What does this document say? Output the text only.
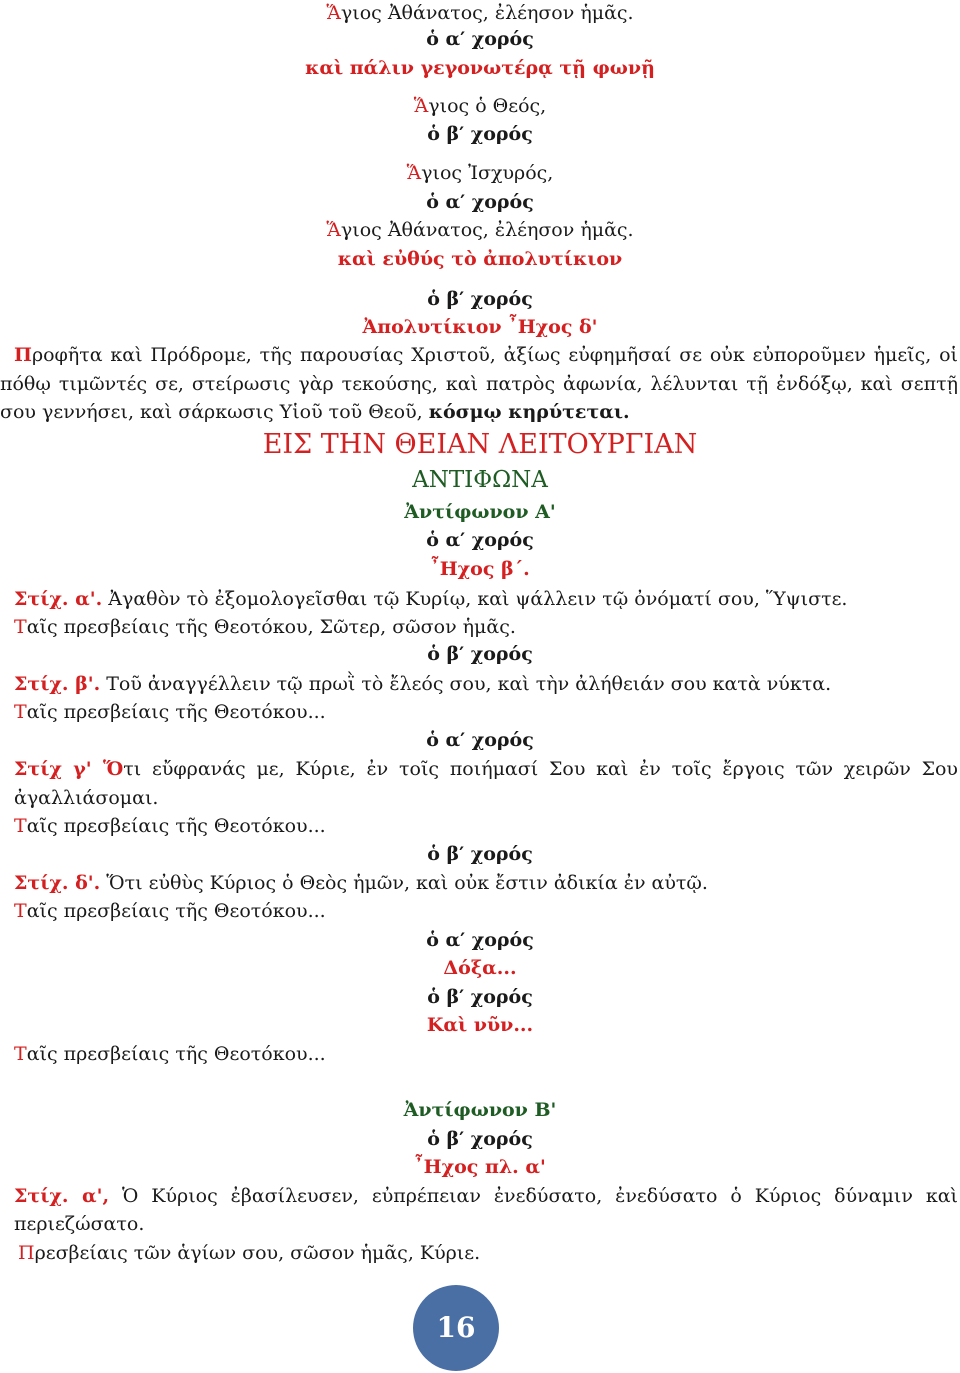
Ἅγιος Ἀθάνατος, ἐλέησον ἡμᾶς.
ὁ α′ χορός
καὶ πάλιν γεγονωτέρᾳ τῇ φωνῇ
Ἅγιος ὁ Θεός,
ὁ β′ χορός
Ἅγιος Ἰσχυρός,
ὁ α′ χορός
Ἅγιος Ἀθάνατος, ἐλέησον ἡμᾶς.
καὶ εὐθύς τὸ ἀπολυτίκιον
ὁ β′ χορός
Ἀπολυτίκιον ῏Ηχος δ'
Προφῆτα καὶ Πρόδρομε, τῆς παρουσίας Χριστοῦ, ἀξίως εὐφημῆσαί σε οὐκ εὐποροῦμεν ἡμεῖς, οἱ
πόθῳ τιμῶντές σε, στείρωσις γὰρ τεκούσης, καὶ πατρὸς ἀφωνία, λέλυνται τῇ ἐνδόξῳ, καὶ σεπτῇ
σου γεννήσει, καὶ σάρκωσις Υἱοῦ τοῦ Θεοῦ, κόσμῳ κηρύτεται.
ΕΙΣ ΤΗΝ ΘΕΙΑΝ ΛΕΙΤΟΥΡΓΙΑΝ
ΑΝΤΙΦΩΝΑ
Ἀντίφωνον Α'
ὁ α′ χορός
῏Ηχος β΄.
Στίχ. α'. Ἀγαθὸν τὸ ἐξομολογεῖσθαι τῷ Κυρίῳ, καὶ ψάλλειν τῷ ὀνόματί σου, Ὕψιστε.
Ταῖς πρεσβείαις τῆς Θεοτόκου, Σῶτερ, σῶσον ἡμᾶς.
ὁ β′ χορός
Στίχ. β'. Τοῦ ἀναγγέλλειν τῷ πρωῒ τὸ ἔλεός σου, καὶ τὴν ἀλήθειάν σου κατὰ νύκτα.
Ταῖς πρεσβείαις τῆς Θεοτόκου...
ὁ α′ χορός
Στίχ γ' Ὅτι εὔφρανάς με, Κύριε, ἐν τοῖς ποιήμασί Σου καὶ ἐν τοῖς ἔργοις τῶν χειρῶν Σου
ἀγαλλιάσομαι.
Ταῖς πρεσβείαις τῆς Θεοτόκου...
ὁ β′ χορός
Στίχ. δ'. Ὅτι εὐθὺς Κύριος ὁ Θεὸς ἡμῶν, καὶ οὐκ ἔστιν ἀδικία ἐν αὐτῷ.
Ταῖς πρεσβείαις τῆς Θεοτόκου...
ὁ α′ χορός
Δόξα...
ὁ β′ χορός
Καὶ νῦν...
Ταῖς πρεσβείαις τῆς Θεοτόκου...
Ἀντίφωνον Β'
ὁ β′ χορός
῏Ηχος πλ. α'
Στίχ. α', Ὁ Κύριος ἐβασίλευσεν, εὐπρέπειαν ἐνεδύσατο, ἐνεδύσατο ὁ Κύριος δύναμιν καὶ
περιεζώσατο.
Πρεσβείαις τῶν ἁγίων σου, σῶσον ἡμᾶς, Κύριε.
16
